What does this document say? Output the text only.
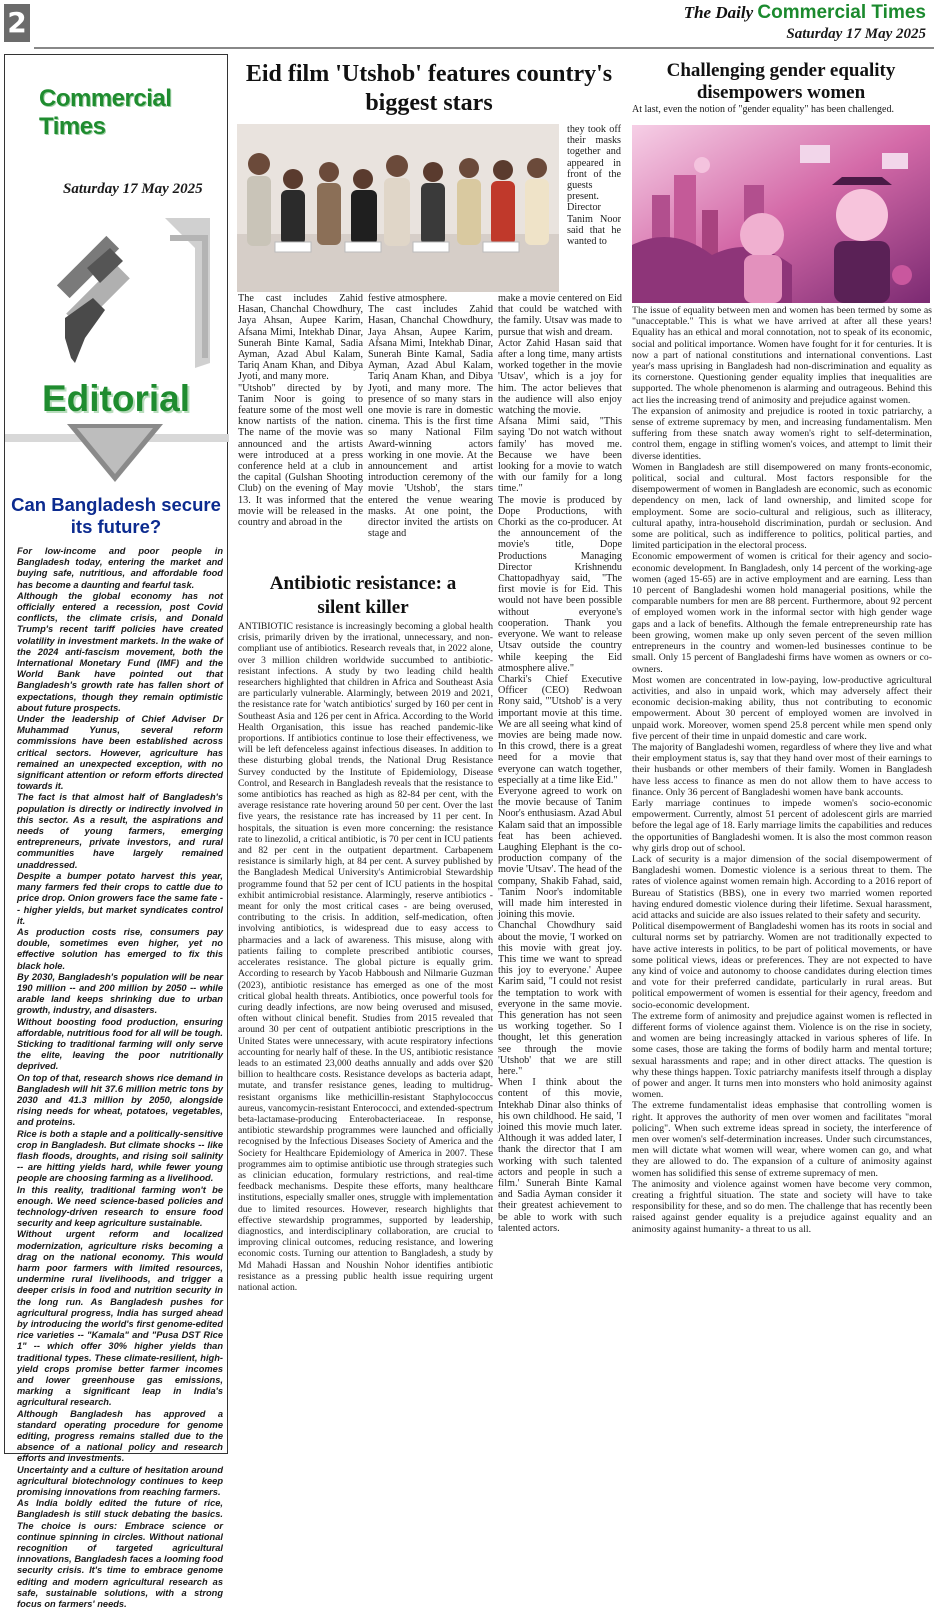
2	The Daily Commercial Times
Saturday 17 May 2025
Commercial Times
Saturday 17 May 2025
Editorial
Can Bangladesh secure its future?

For low-income and poor people in Bangladesh today, entering the market and buying safe, nutritious, and affordable food has become a daunting and fearful task.

Although the global economy has not officially entered a recession, post Covid conflicts, the climate crisis, and Donald Trump's recent tariff policies have created volatility in investment markets. In the wake of the 2024 anti-fascism movement, both the International Monetary Fund (IMF) and the World Bank have pointed out that Bangladesh's growth rate has fallen short of expectations, though they remain optimistic about future prospects.

Under the leadership of Chief Adviser Dr Muhammad Yunus, several reform commissions have been established across critical sectors. However, agriculture has remained an unexpected exception, with no significant attention or reform efforts directed towards it.

The fact is that almost half of Bangladesh's population is directly or indirectly involved in this sector. As a result, the aspirations and needs of young farmers, emerging entrepreneurs, private investors, and rural communities have largely remained unaddressed.

Despite a bumper potato harvest this year, many farmers fed their crops to cattle due to price drop. Onion growers face the same fate - - higher yields, but market syndicates control it.

As production costs rise, consumers pay double, sometimes even higher, yet no effective solution has emerged to fix this black hole.

By 2030, Bangladesh's population will be near 190 million -- and 200 million by 2050 -- while arable land keeps shrinking due to urban growth, industry, and disasters.

Without boosting food production, ensuring affordable, nutritious food for all will be tough. Sticking to traditional farming will only serve the elite, leaving the poor nutritionally deprived.

On top of that, research shows rice demand in Bangladesh will hit 37.6 million metric tons by 2030 and 41.3 million by 2050, alongside rising needs for wheat, potatoes, vegetables, and proteins.

Rice is both a staple and a politically-sensitive crop in Bangladesh. But climate shocks -- like flash floods, droughts, and rising soil salinity -- are hitting yields hard, while fewer young people are choosing farming as a livelihood.

In this reality, traditional farming won't be enough. We need science-based policies and technology-driven research to ensure food security and keep agriculture sustainable.

Without urgent reform and localized modernization, agriculture risks becoming a drag on the national economy. This would harm poor farmers with limited resources, undermine rural livelihoods, and trigger a deeper crisis in food and nutrition security in the long run. As Bangladesh pushes for agricultural progress, India has surged ahead by introducing the world's first genome-edited rice varieties -- "Kamala" and "Pusa DST Rice 1" -- which offer 30% higher yields than traditional types. These climate-resilient, high-yield crops promise better farmer incomes and lower greenhouse gas emissions, marking a significant leap in India's agricultural research.

Although Bangladesh has approved a standard operating procedure for genome editing, progress remains stalled due to the absence of a national policy and research efforts and investments.

Uncertainty and a culture of hesitation around agricultural biotechnology continues to keep promising innovations from reaching farmers.

As India boldly edited the future of rice, Bangladesh is still stuck debating the basics. The choice is ours: Embrace science or continue spinning in circles. Without national recognition of targeted agricultural innovations, Bangladesh faces a looming food security crisis. It's time to embrace genome editing and modern agricultural research as safe, sustainable solutions, with a strong focus on farmers' needs.

Eid film 'Utshob' features country's biggest stars

they took off their masks together and appeared in front of the guests present. Director Tanim Noor said that he wanted to

The cast includes Zahid Hasan, Chanchal Chowdhury, Jaya Ahsan, Aupee Karim, Afsana Mimi, Intekhab Dinar, Sunerah Binte Kamal, Sadia Ayman, Azad Abul Kalam, Tariq Anam Khan, and Dibya Jyoti, and many more.

"Utshob" directed by by Tanim Noor is going to feature some of the most well know nartists of the nation. The name of the movie was announced and the artists were introduced at a press conference held at a club in the capital (Gulshan Shooting Club) on the evening of May 13. It was informed that the movie will be released in the country and abroad in the

festive atmosphere.

The cast includes Zahid Hasan, Chanchal Chowdhury, Jaya Ahsan, Aupee Karim, Afsana Mimi, Intekhab Dinar, Sunerah Binte Kamal, Sadia Ayman, Azad Abul Kalam, Tariq Anam Khan, and Dibya Jyoti, and many more. The presence of so many stars in one movie is rare in domestic cinema. This is the first time so many National Film Award-winning actors working in one movie. At the announcement and artist introduction ceremony of the movie 'Utshob', the stars entered the venue wearing masks. At one point, the director invited the artists on stage and

make a movie centered on Eid that could be watched with the family. Utsav was made to pursue that wish and dream.

Actor Zahid Hasan said that after a long time, many artists worked together in the movie 'Utsav', which is a joy for him. The actor believes that the audience will also enjoy watching the movie.

Afsana Mimi said, "This saying 'Do not watch without family' has moved me. Because we have been looking for a movie to watch with our family for a long time."

The movie is produced by Dope Productions, with Chorki as the co-producer. At the announcement of the movie's title, Dope Productions Managing Director Krishnendu Chattopadhyay said, "The first movie is for Eid. This would not have been possible without everyone's cooperation. Thank you everyone. We want to release Utsav outside the country while keeping the Eid atmosphere alive."

Charki's Chief Executive Officer (CEO) Redwoan Rony said, "'Utshob' is a very important movie at this time. We are all seeing what kind of movies are being made now. In this crowd, there is a great need for a movie that everyone can watch together, especially at a time like Eid."

Everyone agreed to work on the movie because of Tanim Noor's enthusiasm. Azad Abul Kalam said that an impossible feat has been achieved. Laughing Elephant is the co-production company of the movie 'Utsav'. The head of the company, Shakib Fahad, said, 'Tanim Noor's indomitable will made him interested in joining this movie.

Chanchal Chowdhury said about the movie, 'I worked on this movie with great joy. This time we want to spread this joy to everyone.' Aupee Karim said, "I could not resist the temptation to work with everyone in the same movie. This generation has not seen us working together. So I thought, let this generation see through the movie 'Utshob' that we are still here."

When I think about the content of this movie, Intekhab Dinar also thinks of his own childhood. He said, 'I joined this movie much later. Although it was added later, I thank the director that I am working with such talented actors and people in such a film.' Sunerah Binte Kamal and Sadia Ayman consider it their greatest achievement to be able to work with such talented actors.

Antibiotic resistance: a silent killer

ANTIBIOTIC resistance is increasingly becoming a global health crisis, primarily driven by the irrational, unnecessary, and non-compliant use of antibiotics. Research reveals that, in 2022 alone, over 3 million children worldwide succumbed to antibiotic-resistant infections. A study by two leading child health researchers highlighted that children in Africa and Southeast Asia are particularly vulnerable. Alarmingly, between 2019 and 2021, the resistance rate for 'watch antibiotics' surged by 160 per cent in Southeast Asia and 126 per cent in Africa. According to the World Health Organisation, this issue has reached pandemic-like proportions. If antibiotics continue to lose their effectiveness, we will be left defenceless against infectious diseases. In addition to these disturbing global trends, the National Drug Resistance Survey conducted by the Institute of Epidemiology, Disease Control, and Research in Bangladesh reveals that the resistance to some antibiotics has reached as high as 82-84 per cent, with the average resistance rate hovering around 50 per cent. Over the last five years, the resistance rate has increased by 11 per cent. In hospitals, the situation is even more concerning: the resistance rate to linezolid, a critical antibiotic, is 70 per cent in ICU patients and 82 per cent in the outpatient department. Carbapenem resistance is similarly high, at 84 per cent. A survey published by the Bangladesh Medical University's Antimicrobial Stewardship programme found that 52 per cent of ICU patients in the hospital exhibit antimicrobial resistance. Alarmingly, reserve antibiotics - meant for only the most critical cases - are being overused, contributing to the crisis. In addition, self-medication, often involving antibiotics, is widespread due to easy access to pharmacies and a lack of awareness. This misuse, along with patients failing to complete prescribed antibiotic courses, accelerates resistance. The global picture is equally grim. According to research by Yacob Habboush and Nilmarie Guzman (2023), antibiotic resistance has emerged as one of the most critical global health threats. Antibiotics, once powerful tools for curing deadly infections, are now being overused and misused, often without clinical benefit. Studies from 2015 revealed that around 30 per cent of outpatient antibiotic prescriptions in the United States were unnecessary, with acute respiratory infections accounting for nearly half of these. In the US, antibiotic resistance leads to an estimated 23,000 deaths annually and adds over $20 billion to healthcare costs. Resistance develops as bacteria adapt, mutate, and transfer resistance genes, leading to multidrug-resistant organisms like methicillin-resistant Staphylococcus aureus, vancomycin-resistant Enterococci, and extended-spectrum beta-lactamase-producing Enterobacteriaceae. In response, antibiotic stewardship programmes were launched and officially recognised by the Infectious Diseases Society of America and the Society for Healthcare Epidemiology of America in 2007. These programmes aim to optimise antibiotic use through strategies such as clinician education, formulary restrictions, and real-time feedback mechanisms. Despite these efforts, many healthcare institutions, especially smaller ones, struggle with implementation due to limited resources. However, research highlights that effective stewardship programmes, supported by leadership, diagnostics, and interdisciplinary collaboration, are crucial to improving clinical outcomes, reducing resistance, and lowering economic costs. Turning our attention to Bangladesh, a study by Md Mahadi Hassan and Noushin Nohor identifies antibiotic resistance as a pressing public health issue requiring urgent national action.

Challenging gender equality disempowers women
At last, even the notion of "gender equality" has been challenged.

The issue of equality between men and women has been termed by some as "unacceptable." This is what we have arrived at after all these years! Equality has an ethical and moral connotation, not to speak of its economic, social and political importance. Women have fought for it for centuries. It is now a part of national constitutions and international conventions. Last year's mass uprising in Bangladesh had non-discrimination and equality as its cornerstone. Questioning gender equality implies that inequalities are supported. The whole phenomenon is alarming and outrageous. Behind this act lies the increasing trend of animosity and prejudice against women.

The expansion of animosity and prejudice is rooted in toxic patriarchy, a sense of extreme supremacy by men, and increasing fundamentalism. Men suffering from these snatch away women's right to self-determination, control them, engage in stifling women's voices, and attempt to limit their diverse identities.

Women in Bangladesh are still disempowered on many fronts-economic, political, social and cultural. Most factors responsible for the disempowerment of women in Bangladesh are economic, such as economic dependency on men, lack of land ownership, and limited scope for employment. Some are socio-cultural and religious, such as illiteracy, cultural apathy, intra-household discrimination, purdah or seclusion. And some are political, such as indifference to politics, political parties, and limited participation in the electoral process.

Economic empowerment of women is critical for their agency and socio-economic development. In Bangladesh, only 14 percent of the working-age women (aged 15-65) are in active employment and are earning. Less than 10 percent of Bangladeshi women hold managerial positions, while the comparable numbers for men are 88 percent. Furthermore, about 92 percent of employed women work in the informal sector with high gender wage gaps and a lack of benefits. Although the female entrepreneurship rate has been growing, women make up only seven percent of the seven million entrepreneurs in the country and women-led businesses continue to be small. Only 15 percent of Bangladeshi firms have women as owners or co-owners.

Most women are concentrated in low-paying, low-productive agricultural activities, and also in unpaid work, which may adversely affect their economic decision-making ability, thus not contributing to economic empowerment. About 30 percent of employed women are involved in unpaid work. Moreover, women spend 25.8 percent while men spend only five percent of their time in unpaid domestic and care work.

The majority of Bangladeshi women, regardless of where they live and what their employment status is, say that they hand over most of their earnings to their husbands or other members of their family. Women in Bangladesh have less access to finance as men do not allow them to have access to finance. Only 36 percent of Bangladeshi women have bank accounts.

Early marriage continues to impede women's socio-economic empowerment. Currently, almost 51 percent of adolescent girls are married before the legal age of 18. Early marriage limits the capabilities and reduces the opportunities of Bangladeshi women. It is also the most common reason why girls drop out of school.

Lack of security is a major dimension of the social disempowerment of Bangladeshi women. Domestic violence is a serious threat to them. The rates of violence against women remain high. According to a 2016 report of Bureau of Statistics (BBS), one in every two married women reported having endured domestic violence during their lifetime. Sexual harassment, acid attacks and suicide are also issues related to their safety and security.

Political disempowerment of Bangladeshi women has its roots in social and cultural norms set by patriarchy. Women are not traditionally expected to have active interests in politics, to be part of political movements, or have some political views, ideas or preferences. They are not expected to have any kind of voice and autonomy to choose candidates during election times and vote for their preferred candidate, particularly in rural areas. But political empowerment of women is essential for their agency, freedom and socio-economic development.

The extreme form of animosity and prejudice against women is reflected in different forms of violence against them. Violence is on the rise in society, and women are being increasingly attacked in various spheres of life. In some cases, those are taking the forms of bodily harm and mental torture; sexual harassments and rape; and in other direct attacks. The question is why these things happen. Toxic patriarchy manifests itself through a display of power and anger. It turns men into monsters who hold animosity against women.

The extreme fundamentalist ideas emphasise that controlling women is right. It approves the authority of men over women and facilitates "moral policing". When such extreme ideas spread in society, the interference of men over women's self-determination increases. Under such circumstances, men will dictate what women will wear, where women can go, and what they are allowed to do. The expansion of a culture of animosity against women has solidified this sense of extreme supremacy of men.

The animosity and violence against women have become very common, creating a frightful situation. The state and society will have to take responsibility for these, and so do men. The challenge that has recently been raised against gender equality is a prejudice against equality and an animosity against humanity- a threat to us all.
